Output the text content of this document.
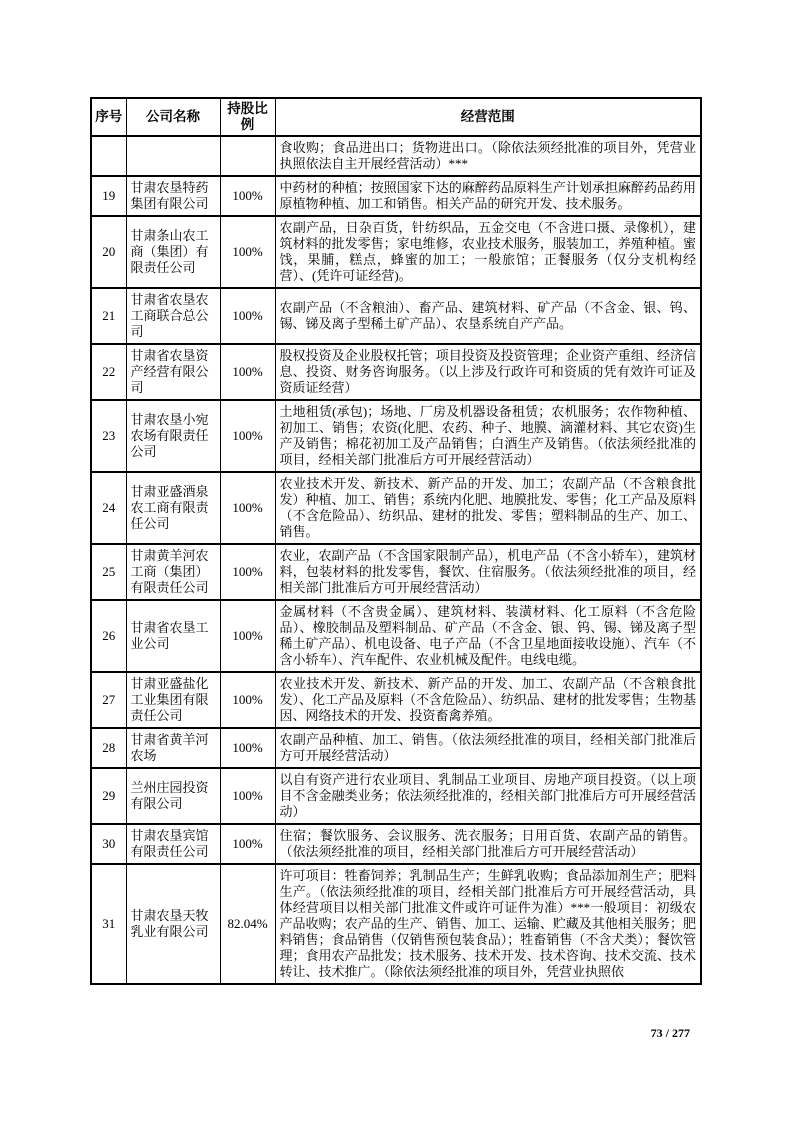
序号	公司名称	持股比例	经营范围
			食收购；食品进出口；货物进出口。（除依法须经批准的项目外，凭营业执照依法自主开展经营活动）***
19	甘肃农垦特药集团有限公司	100%	中药材的种植；按照国家下达的麻醉药品原料生产计划承担麻醉药品药用原植物种植、加工和销售。相关产品的研究开发、技术服务。
20	甘肃条山农工商（集团）有限责任公司	100%	农副产品，日杂百货，针纺织品，五金交电（不含进口摄、录像机），建筑材料的批发零售；家电维修，农业技术服务，服装加工，养殖种植。蜜饯，果脯，糕点，蜂蜜的加工；一般旅馆；正餐服务（仅分支机构经营）、(凭许可证经营)。
21	甘肃省农垦农工商联合总公司	100%	农副产品（不含粮油）、畜产品、建筑材料、矿产品（不含金、银、钨、锡、锑及离子型稀土矿产品）、农垦系统自产产品。
22	甘肃省农垦资产经营有限公司	100%	股权投资及企业股权托管；项目投资及投资管理；企业资产重组、经济信息、投资、财务咨询服务。（以上涉及行政许可和资质的凭有效许可证及资质证经营）
23	甘肃农垦小宛农场有限责任公司	100%	土地租赁(承包)；场地、厂房及机器设备租赁；农机服务；农作物种植、初加工、销售；农资(化肥、农药、种子、地膜、滴灌材料、其它农资)生产及销售；棉花初加工及产品销售；白酒生产及销售。（依法须经批准的项目，经相关部门批准后方可开展经营活动）
24	甘肃亚盛酒泉农工商有限责任公司	100%	农业技术开发、新技术、新产品的开发、加工；农副产品（不含粮食批发）种植、加工、销售；系统内化肥、地膜批发、零售；化工产品及原料（不含危险品）、纺织品、建材的批发、零售；塑料制品的生产、加工、销售。
25	甘肃黄羊河农工商（集团）有限责任公司	100%	农业，农副产品（不含国家限制产品），机电产品（不含小轿车），建筑材料，包装材料的批发零售，餐饮、住宿服务。（依法须经批准的项目，经相关部门批准后方可开展经营活动）
26	甘肃省农垦工业公司	100%	金属材料（不含贵金属）、建筑材料、装潢材料、化工原料（不含危险品）、橡胶制品及塑料制品、矿产品（不含金、银、钨、锡、锑及离子型稀土矿产品）、机电设备、电子产品（不含卫星地面接收设施）、汽车（不含小轿车）、汽车配件、农业机械及配件。电线电缆。
27	甘肃亚盛盐化工业集团有限责任公司	100%	农业技术开发、新技术、新产品的开发、加工、农副产品（不含粮食批发）、化工产品及原料（不含危险品）、纺织品、建材的批发零售；生物基因、网络技术的开发、投资畜禽养殖。
28	甘肃省黄羊河农场	100%	农副产品种植、加工、销售。（依法须经批准的项目，经相关部门批准后方可开展经营活动）
29	兰州庄园投资有限公司	100%	以自有资产进行农业项目、乳制品工业项目、房地产项目投资。（以上项目不含金融类业务；依法须经批准的，经相关部门批准后方可开展经营活动）
30	甘肃农垦宾馆有限责任公司	100%	住宿；餐饮服务、会议服务、洗衣服务；日用百货、农副产品的销售。（依法须经批准的项目，经相关部门批准后方可开展经营活动）
31	甘肃农垦天牧乳业有限公司	82.04%	许可项目：牲畜饲养；乳制品生产；生鲜乳收购；食品添加剂生产；肥料生产。（依法须经批准的项目，经相关部门批准后方可开展经营活动，具体经营项目以相关部门批准文件或许可证件为准）***一般项目：初级农产品收购；农产品的生产、销售、加工、运输、贮藏及其他相关服务；肥料销售；食品销售（仅销售预包装食品）；牲畜销售（不含犬类）；餐饮管理；食用农产品批发；技术服务、技术开发、技术咨询、技术交流、技术转让、技术推广。（除依法须经批准的项目外，凭营业执照依
73 / 277
